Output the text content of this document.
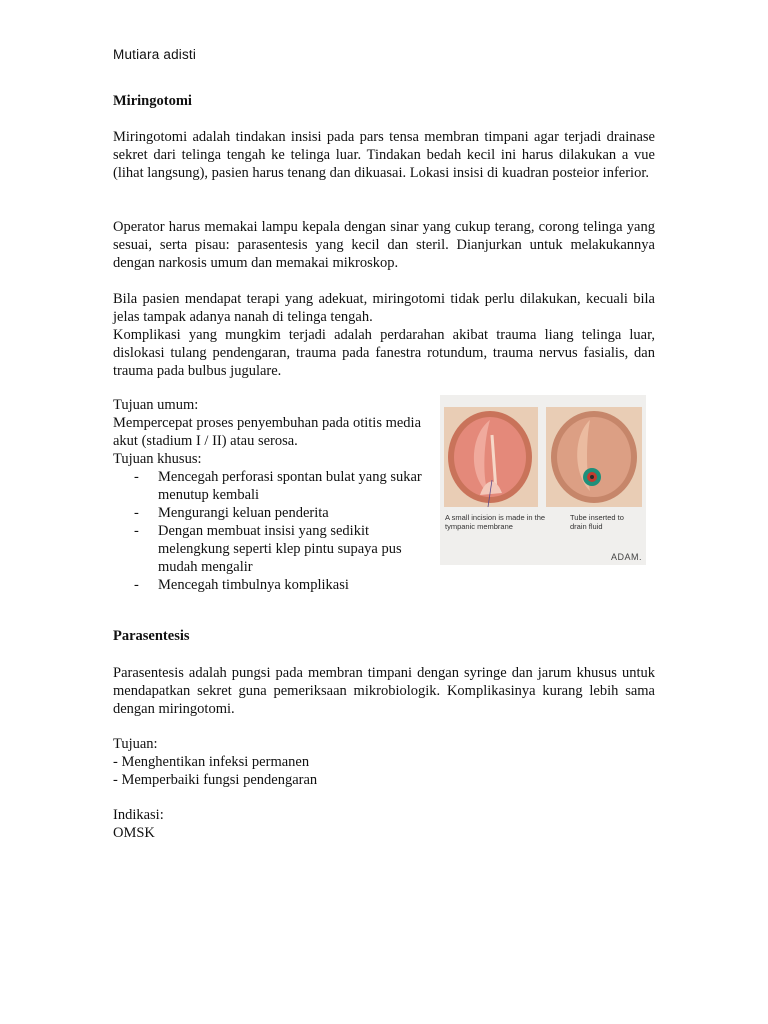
Mutiara adisti
Miringotomi

Miringotomi adalah tindakan insisi pada pars tensa membran timpani agar terjadi drainase sekret dari telinga tengah ke telinga luar. Tindakan bedah kecil ini harus dilakukan a vue (lihat langsung), pasien harus tenang dan dikuasai. Lokasi insisi di kuadran posteior inferior.

Operator harus memakai lampu kepala dengan sinar yang cukup terang, corong telinga yang sesuai, serta pisau: parasentesis yang kecil dan steril. Dianjurkan untuk melakukannya dengan narkosis umum dan memakai mikroskop.

Bila pasien mendapat terapi yang adekuat, miringotomi tidak perlu dilakukan, kecuali bila jelas tampak adanya nanah di telinga tengah.

Komplikasi yang mungkim terjadi adalah perdarahan akibat trauma liang telinga luar, dislokasi tulang pendengaran, trauma pada fanestra rotundum, trauma nervus fasialis, dan trauma pada bulbus jugulare.

Tujuan umum:

Mempercepat proses penyembuhan pada otitis media akut (stadium I / II) atau serosa.

Tujuan khusus:

- Mencegah perforasi spontan bulat yang sukar menutup kembali
- Mengurangi keluan penderita
- Dengan membuat insisi yang sedikit melengkung seperti klep pintu supaya pus mudah mengalir
- Mencegah timbulnya komplikasi
A small incision is made in the tympanic membrane
Tube inserted to drain fluid
ADAM.
Parasentesis

Parasentesis adalah pungsi pada membran timpani dengan syringe dan jarum khusus untuk mendapatkan sekret guna pemeriksaan mikrobiologik. Komplikasinya kurang lebih sama dengan miringotomi.

Tujuan:
- Menghentikan infeksi permanen
- Memperbaiki fungsi pendengaran
Indikasi:
OMSK
